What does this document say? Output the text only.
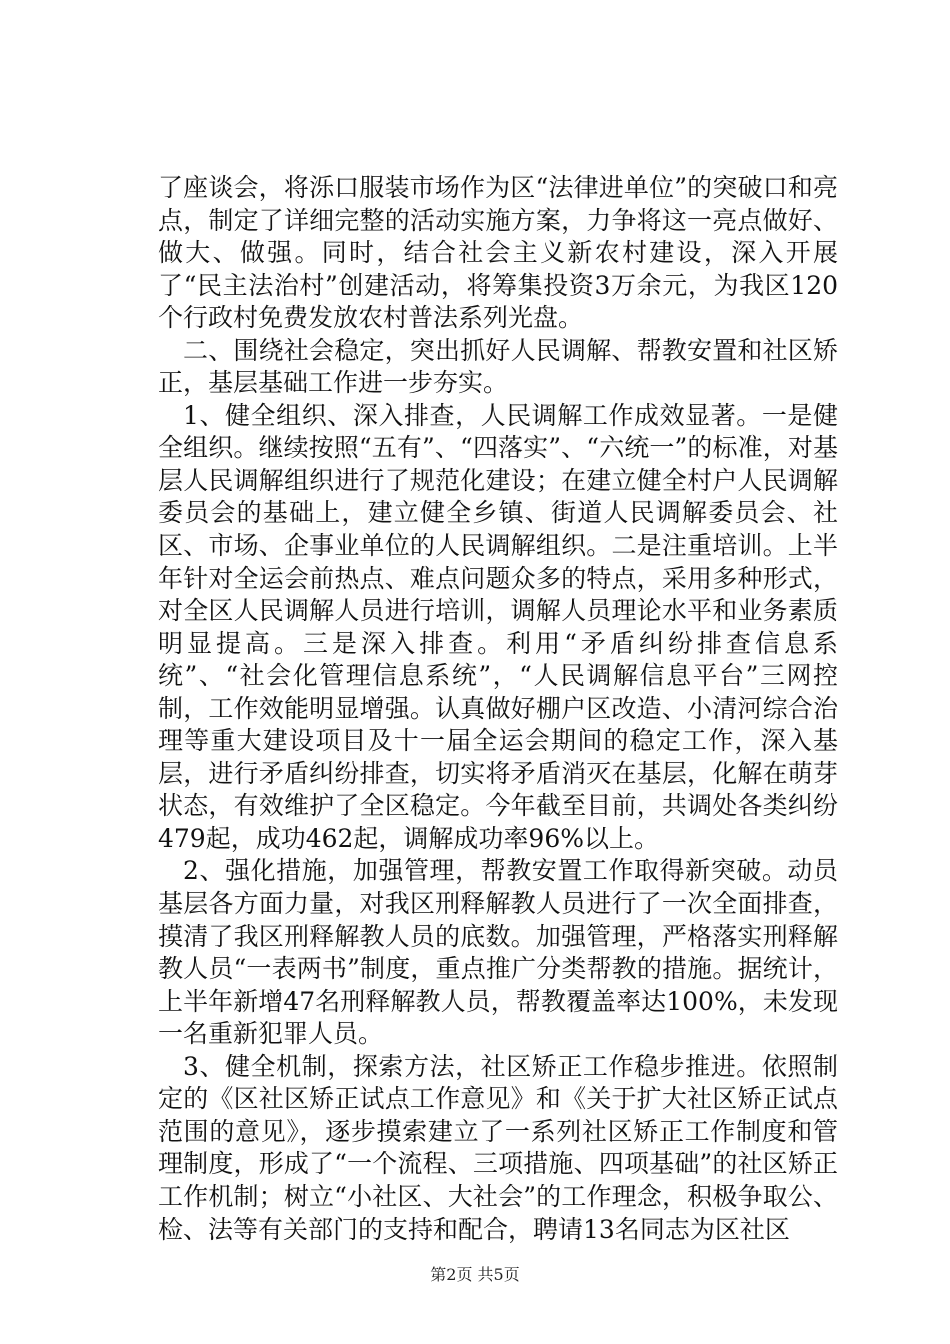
了座谈会，将泺口服装市场作为区“法律进单位”的突破口和亮点，制定了详细完整的活动实施方案，力争将这一亮点做好、做大、做强。同时，结合社会主义新农村建设，深入开展了“民主法治村”创建活动，将筹集投资3万余元，为我区120个行政村免费发放农村普法系列光盘。

二、围绕社会稳定，突出抓好人民调解、帮教安置和社区矫正，基层基础工作进一步夯实。

1、健全组织、深入排查，人民调解工作成效显著。一是健全组织。继续按照“五有”、“四落实”、“六统一”的标准，对基层人民调解组织进行了规范化建设；在建立健全村户人民调解委员会的基础上，建立健全乡镇、街道人民调解委员会、社区、市场、企事业单位的人民调解组织。二是注重培训。上半年针对全运会前热点、难点问题众多的特点，采用多种形式，对全区人民调解人员进行培训，调解人员理论水平和业务素质明显提高。三是深入排查。利用“矛盾纠纷排查信息系统”、“社会化管理信息系统”，“人民调解信息平台”三网控制，工作效能明显增强。认真做好棚户区改造、小清河综合治理等重大建设项目及十一届全运会期间的稳定工作，深入基层，进行矛盾纠纷排查，切实将矛盾消灭在基层，化解在萌芽状态，有效维护了全区稳定。今年截至目前，共调处各类纠纷479起，成功462起，调解成功率96%以上。

2、强化措施，加强管理，帮教安置工作取得新突破。动员基层各方面力量，对我区刑释解教人员进行了一次全面排查，摸清了我区刑释解教人员的底数。加强管理，严格落实刑释解教人员“一表两书”制度，重点推广分类帮教的措施。据统计，上半年新增47名刑释解教人员，帮教覆盖率达100%，未发现一名重新犯罪人员。

3、健全机制，探索方法，社区矫正工作稳步推进。依照制定的《区社区矫正试点工作意见》和《关于扩大社区矫正试点范围的意见》，逐步摸索建立了一系列社区矫正工作制度和管理制度，形成了“一个流程、三项措施、四项基础”的社区矫正工作机制；树立“小社区、大社会”的工作理念，积极争取公、检、法等有关部门的支持和配合，聘请13名同志为区社区

第2页 共5页
